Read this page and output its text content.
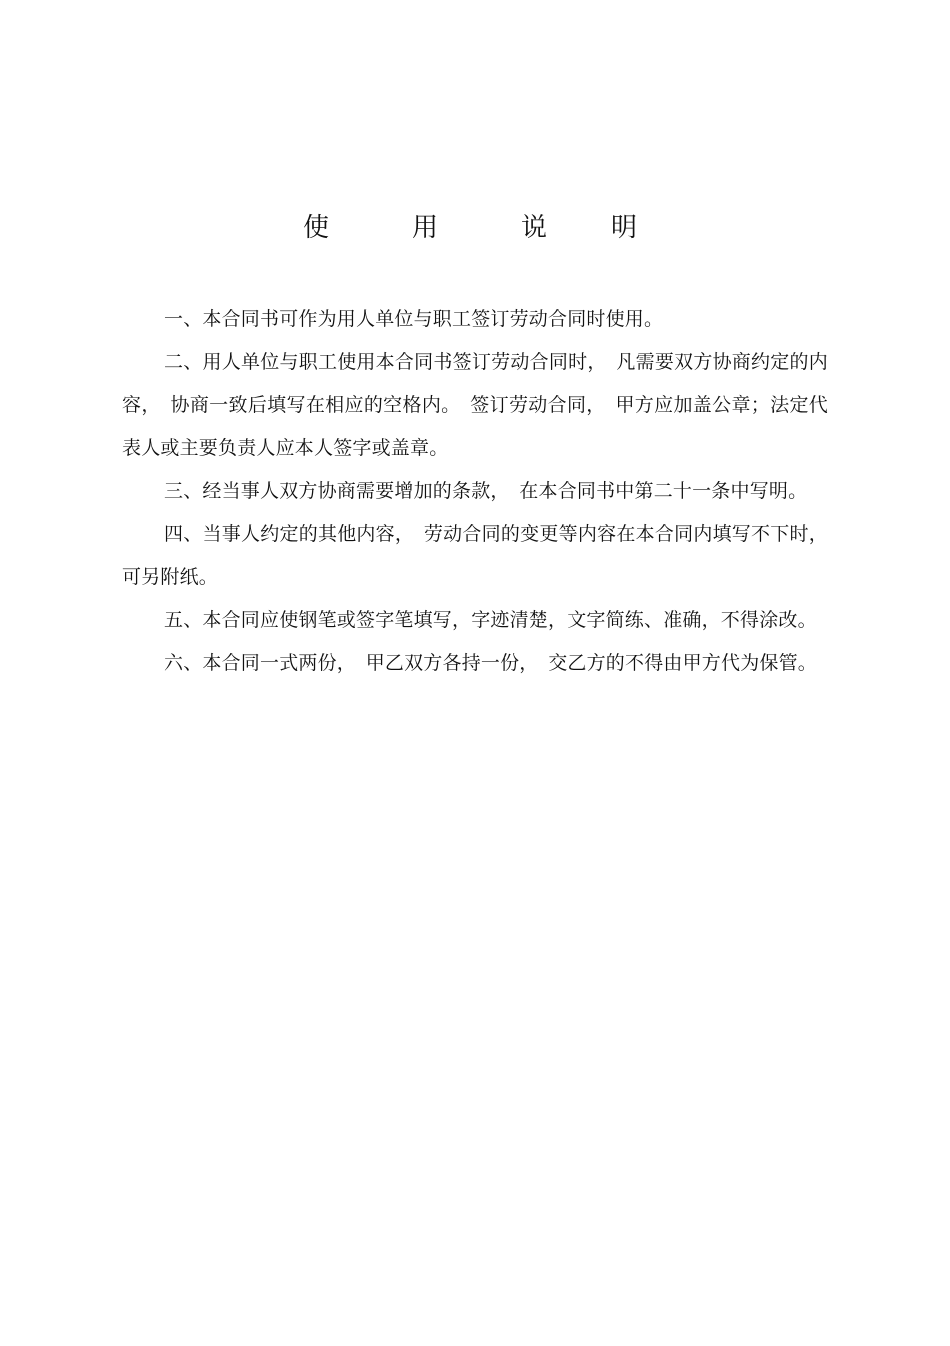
使	用	说 明

一、本合同书可作为用人单位与职工签订劳动合同时使用。

二、用人单位与职工使用本合同书签订劳动合同时，　凡需要双方协商约定的内容，　协商一致后填写在相应的空格内。　签订劳动合同，　甲方应加盖公章；法定代表人或主要负责人应本人签字或盖章。

三、经当事人双方协商需要增加的条款，　在本合同书中第二十一条中写明。

四、当事人约定的其他内容，　劳动合同的变更等内容在本合同内填写不下时，可另附纸。

五、本合同应使钢笔或签字笔填写，字迹清楚，文字简练、准确，不得涂改。

六、本合同一式两份，　甲乙双方各持一份，　交乙方的不得由甲方代为保管。
